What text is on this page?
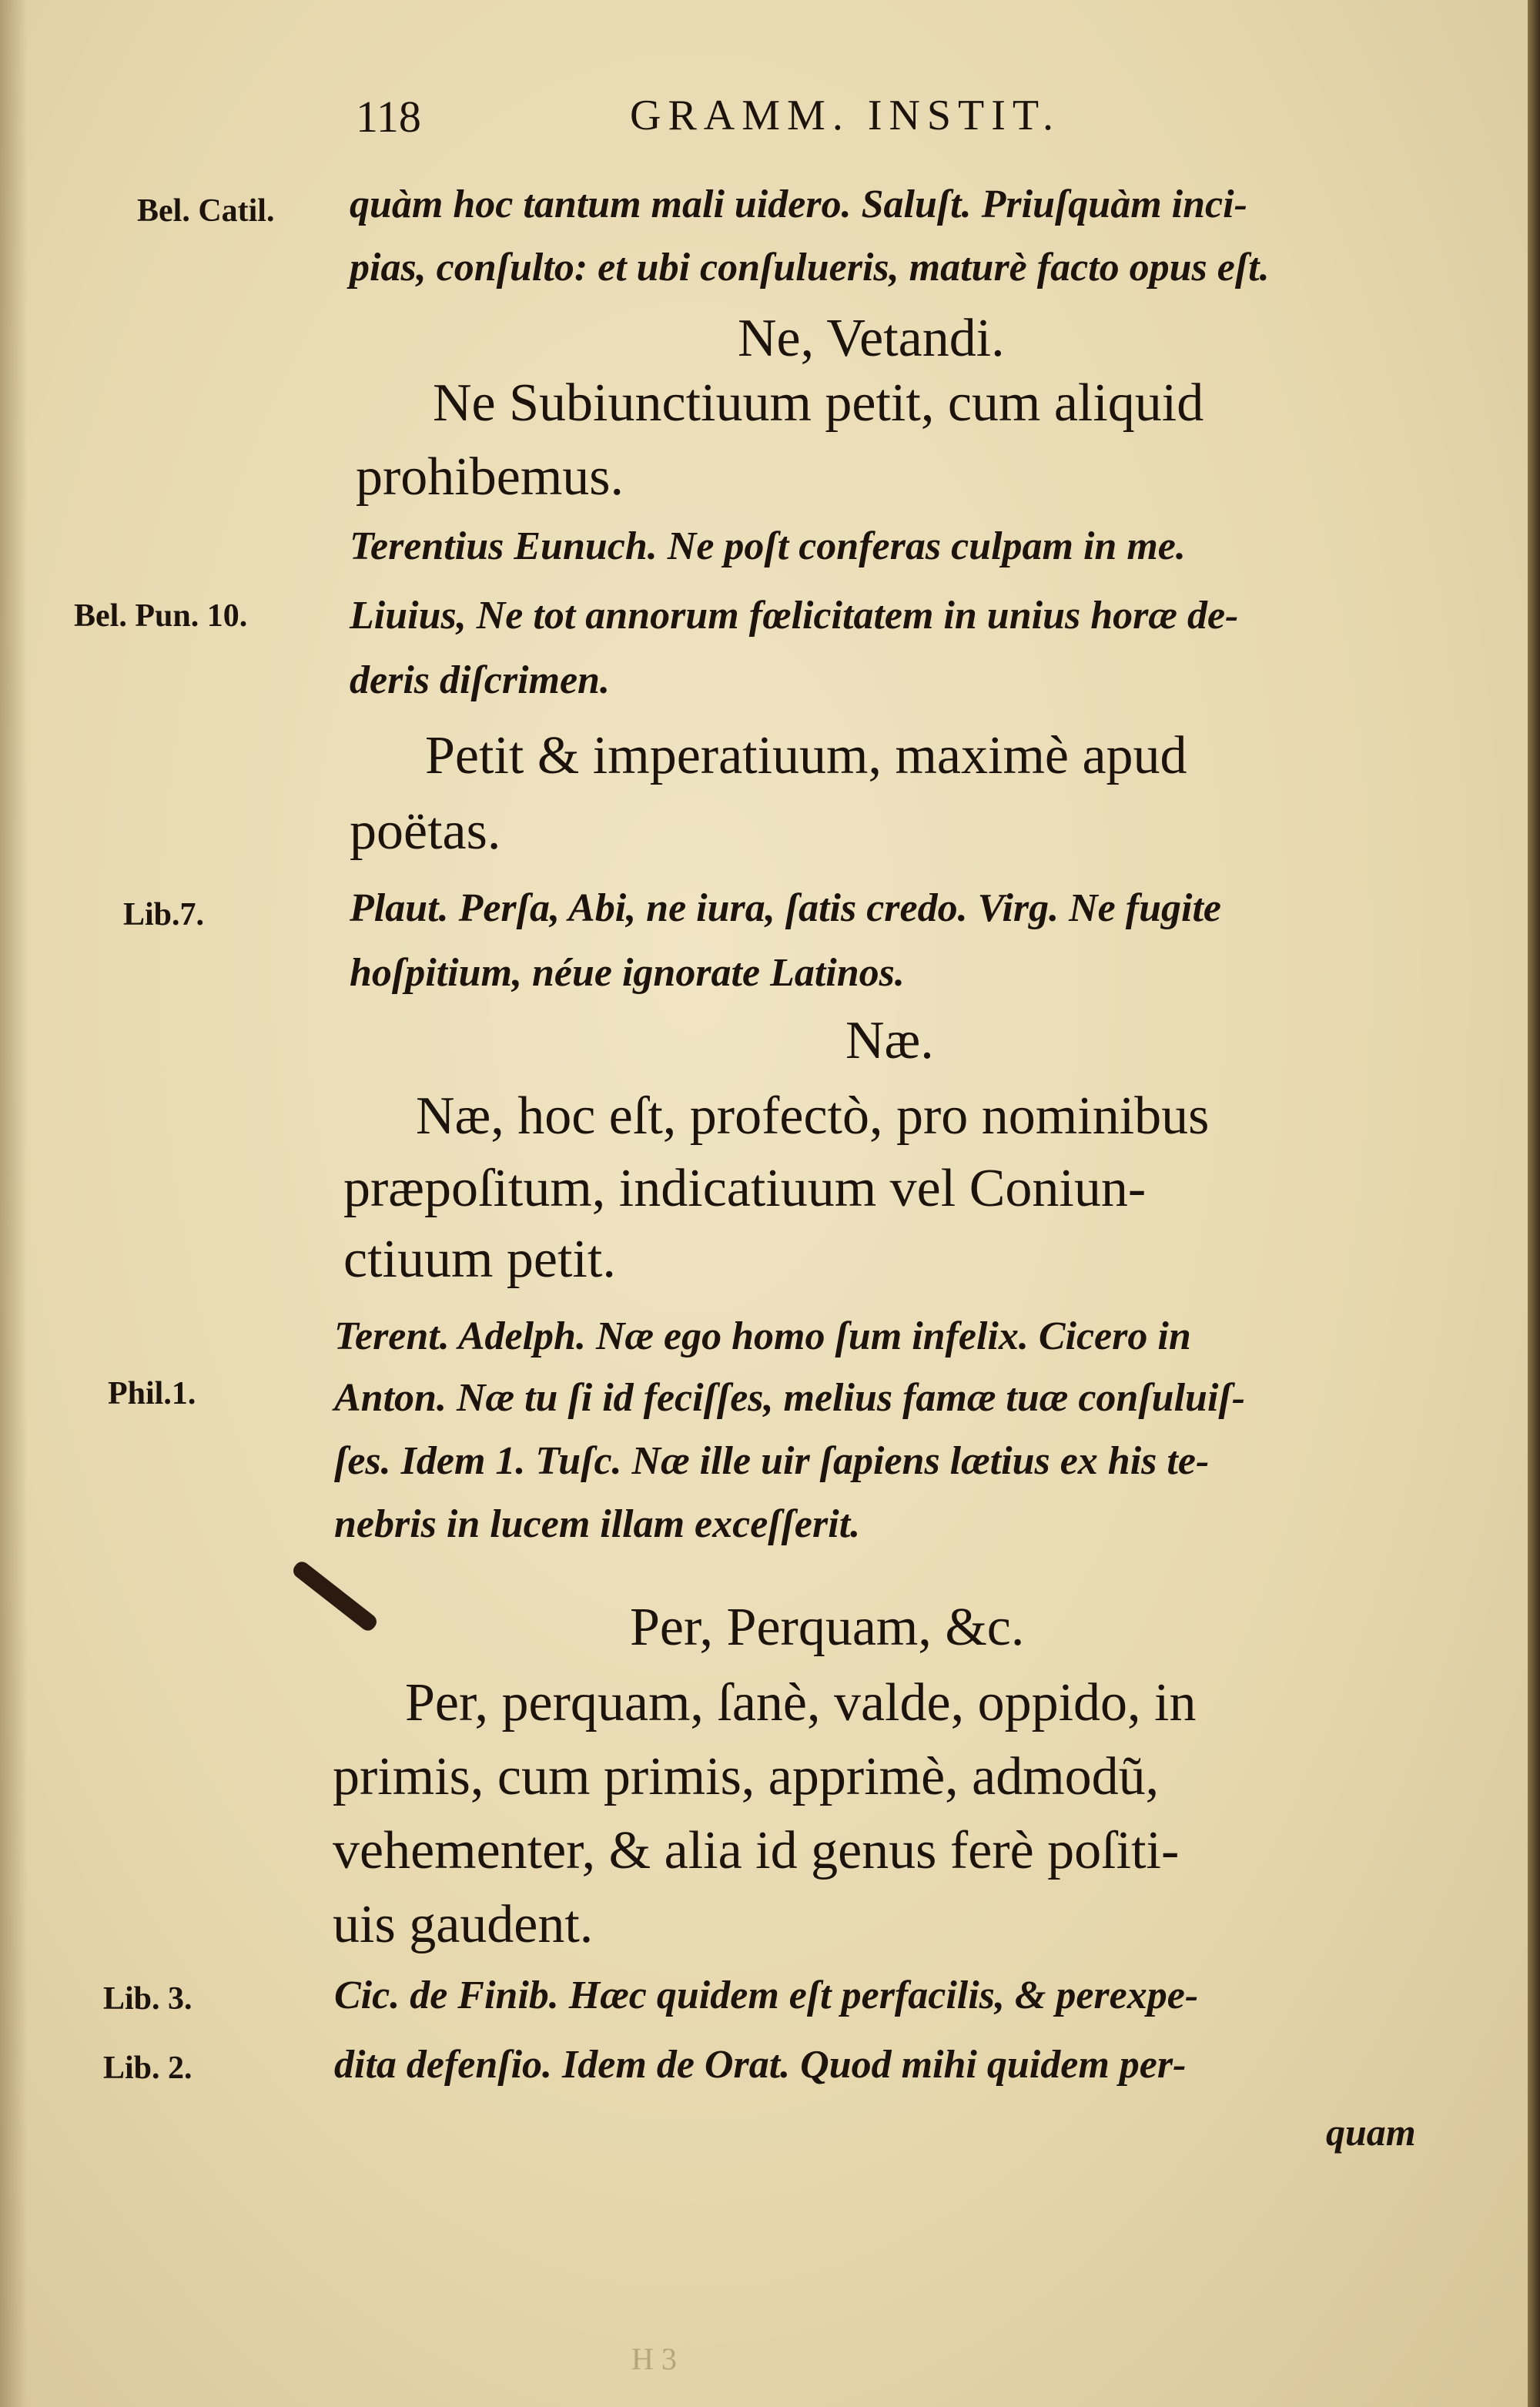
118	GRAMM. INSTIT.
Bel. Catil.
Bel. Pun. 10.
Lib.7.
Phil.1.
Lib. 3.
Lib. 2.
quàm hoc tantum mali uidero. Saluſt. Priuſquàm inci-
pias, conſulto: et ubi conſulueris, maturè facto opus eſt.
Ne, Vetandi.
Ne Subiunctiuum petit, cum aliquid
prohibemus.
Terentius Eunuch. Ne poſt conferas culpam in me.
Liuius, Ne tot annorum fœlicitatem in unius horæ de-
deris diſcrimen.
Petit & imperatiuum, maximè apud
poëtas.
Plaut. Perſa, Abi, ne iura, ſatis credo. Virg. Ne fugite
hoſpitium, néue ignorate Latinos.
Næ.
Næ, hoc eſt, profectò, pro nominibus
præpoſitum, indicatiuum vel Coniun-
ctiuum petit.
Terent. Adelph. Næ ego homo ſum infelix. Cicero in
Anton. Næ tu ſi id feciſſes, melius famæ tuæ conſuluiſ-
ſes. Idem 1. Tuſc. Næ ille uir ſapiens lætius ex his te-
nebris in lucem illam exceſſerit.
Per, Perquam, &c.
Per, perquam, ſanè, valde, oppido, in
primis, cum primis, apprimè, admodũ,
vehementer, & alia id genus ferè poſiti-
uis gaudent.
Cic. de Finib. Hæc quidem eſt perfacilis, & perexpe-
dita defenſio. Idem de Orat. Quod mihi quidem per-
quam
H 3
